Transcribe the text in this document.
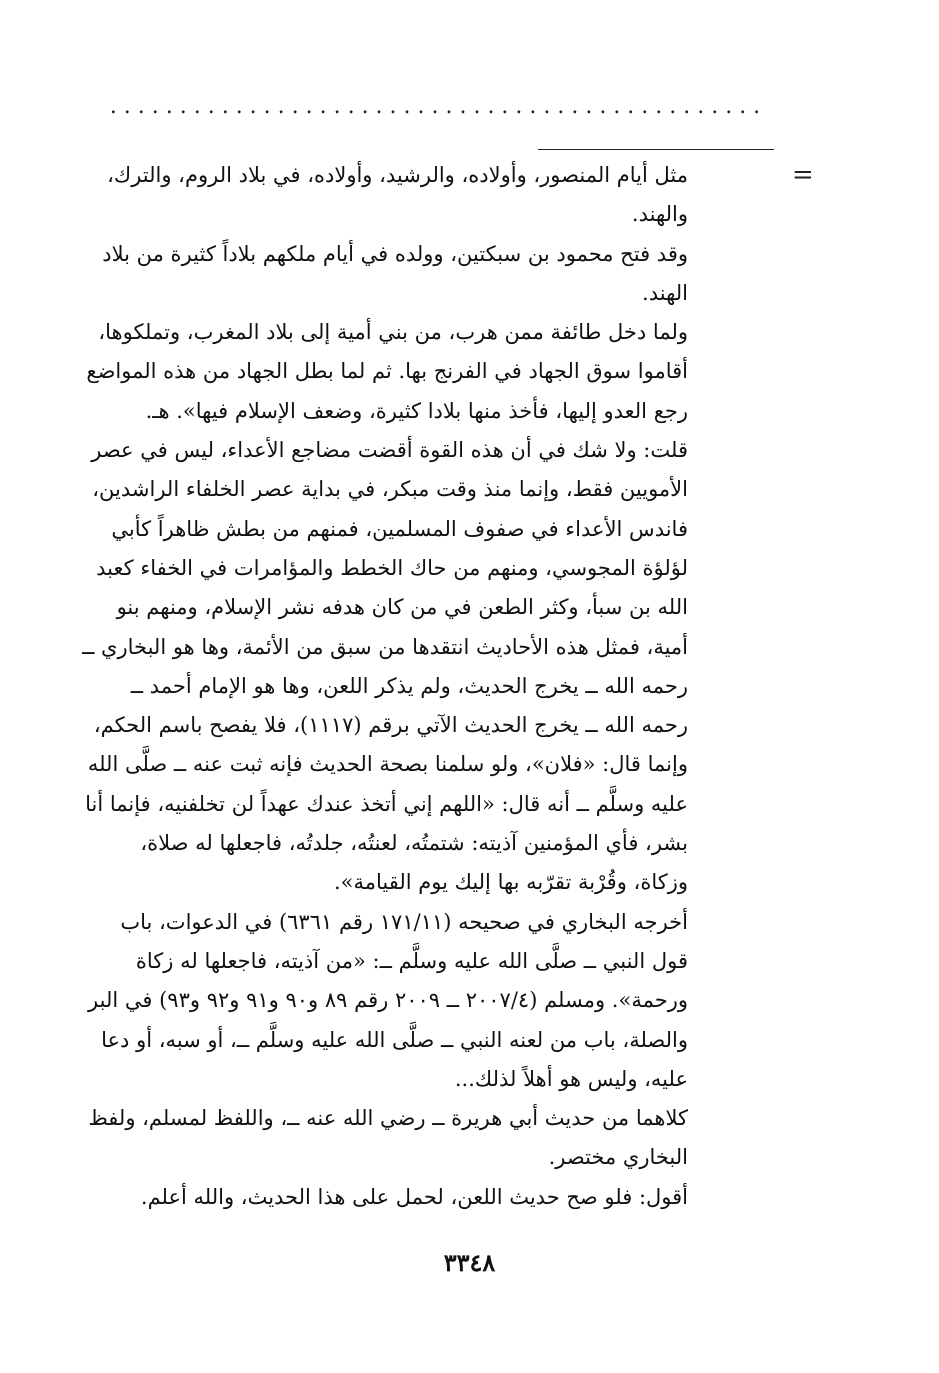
. . . . . . . . . . . . . . . . . . . . . . . . . . . . . . . . . . . . . . . . . . . . . . .
=

مثل أيام المنصور، وأولاده، والرشيد، وأولاده، في بلاد الروم، والترك، والهند.

وقد فتح محمود بن سبكتين، وولده في أيام ملكهم بلاداً كثيرة من بلاد الهند.

ولما دخل طائفة ممن هرب، من بني أمية إلى بلاد المغرب، وتملكوها، أقاموا سوق الجهاد في الفرنج بها. ثم لما بطل الجهاد من هذه المواضع رجع العدو إليها، فأخذ منها بلادا كثيرة، وضعف الإسلام فيها». هـ.

قلت: ولا شك في أن هذه القوة أقضت مضاجع الأعداء، ليس في عصر الأمويين فقط، وإنما منذ وقت مبكر، في بداية عصر الخلفاء الراشدين، فاندس الأعداء في صفوف المسلمين، فمنهم من بطش ظاهراً كأبي لؤلؤة المجوسي، ومنهم من حاك الخطط والمؤامرات في الخفاء كعبد الله بن سبأ، وكثر الطعن في من كان هدفه نشر الإسلام، ومنهم بنو أمية، فمثل هذه الأحاديث انتقدها من سبق من الأئمة، وها هو البخاري ــ رحمه الله ــ يخرج الحديث، ولم يذكر اللعن، وها هو الإمام أحمد ــ رحمه الله ــ يخرج الحديث الآتي برقم (١١١٧)، فلا يفصح باسم الحكم، وإنما قال: «فلان»، ولو سلمنا بصحة الحديث فإنه ثبت عنه ــ صلَّى الله عليه وسلَّم ــ أنه قال: «اللهم إني أتخذ عندك عهداً لن تخلفنيه، فإنما أنا بشر، فأي المؤمنين آذيته: شتمتُه، لعنتُه، جلدتُه، فاجعلها له صلاة، وزكاة، وقُرْبة تقرّبه بها إليك يوم القيامة».

أخرجه البخاري في صحيحه (١٧١/١١ رقم ٦٣٦١) في الدعوات، باب قول النبي ــ صلَّى الله عليه وسلَّم ــ: «من آذيته، فاجعلها له زكاة ورحمة». ومسلم (٢٠٠٧/٤ ــ ٢٠٠٩ رقم ٨٩ و٩٠ و٩١ و٩٢ و٩٣) في البر والصلة، باب من لعنه النبي ــ صلَّى الله عليه وسلَّم ــ، أو سبه، أو دعا عليه، وليس هو أهلاً لذلك...

كلاهما من حديث أبي هريرة ــ رضي الله عنه ــ، واللفظ لمسلم، ولفظ البخاري مختصر.

أقول: فلو صح حديث اللعن، لحمل على هذا الحديث، والله أعلم.

٣٣٤٨
